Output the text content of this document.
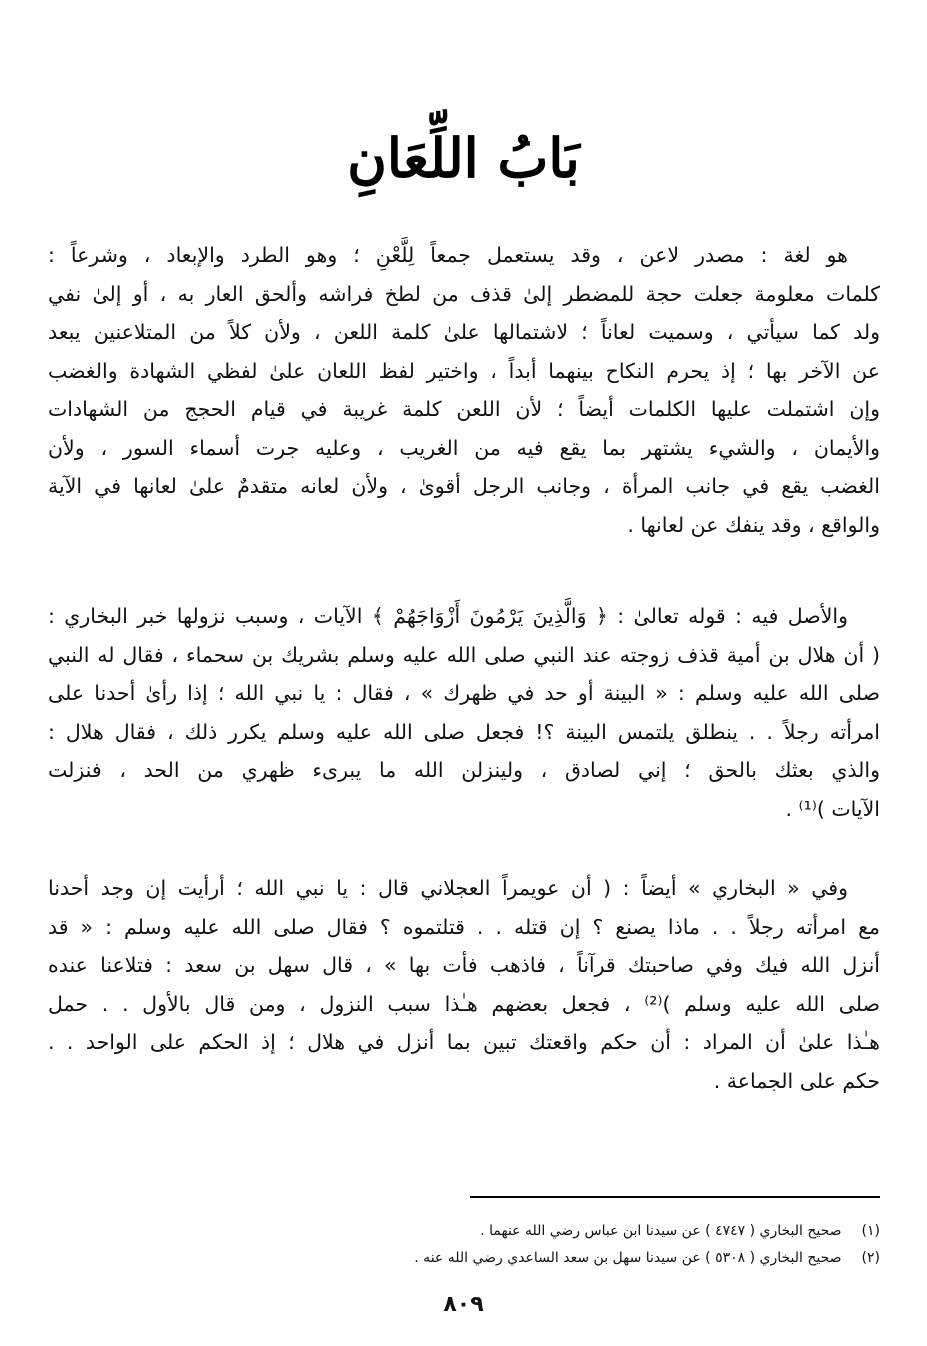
بَابُ اللِّعَانِ
هو لغة : مصدر لاعن ، وقد يستعمل جمعاً لِلَّعْنِ ؛ وهو الطرد والإبعاد ، وشرعاً :
كلمات معلومة جعلت حجة للمضطر إلىٰ قذف من لطخ فراشه وألحق العار به ، أو إلىٰ نفي
ولد كما سيأتي ، وسميت لعاناً ؛ لاشتمالها علىٰ كلمة اللعن ، ولأن كلاً من المتلاعنين يبعد
عن الآخر بها ؛ إذ يحرم النكاح بينهما أبداً ، واختير لفظ اللعان علىٰ لفظي الشهادة والغضب
وإن اشتملت عليها الكلمات أيضاً ؛ لأن اللعن كلمة غريبة في قيام الحجج من الشهادات
والأيمان ، والشيء يشتهر بما يقع فيه من الغريب ، وعليه جرت أسماء السور ، ولأن
الغضب يقع في جانب المرأة ، وجانب الرجل أقوىٰ ، ولأن لعانه متقدمٌ علىٰ لعانها في الآية
والواقع ، وقد ينفك عن لعانها .
والأصل فيه : قوله تعالىٰ : ﴿ وَالَّذِينَ يَرْمُونَ أَزْوَاجَهُمْ ﴾ الآيات ، وسبب نزولها خبر البخاري :
( أن هلال بن أمية قذف زوجته عند النبي صلى الله عليه وسلم بشريك بن سحماء ، فقال له النبي
صلى الله عليه وسلم : « البينة أو حد في ظهرك » ، فقال : يا نبي الله ؛ إذا رأىٰ أحدنا على
امرأته رجلاً . . ينطلق يلتمس البينة ؟! فجعل صلى الله عليه وسلم يكرر ذلك ، فقال هلال :
والذي بعثك بالحق ؛ إني لصادق ، ولينزلن الله ما يبرىء ظهري من الحد ، فنزلت
الآيات )⁽¹⁾ .
وفي « البخاري » أيضاً : ( أن عويمراً العجلاني قال : يا نبي الله ؛ أرأيت إن وجد أحدنا
مع امرأته رجلاً . . ماذا يصنع ؟ إن قتله . . قتلتموه ؟ فقال صلى الله عليه وسلم : « قد
أنزل الله فيك وفي صاحبتك قرآناً ، فاذهب فأت بها » ، قال سهل بن سعد : فتلاعنا عنده
صلى الله عليه وسلم )⁽²⁾ ، فجعل بعضهم هـٰذا سبب النزول ، ومن قال بالأول . . حمل
هـٰذا علىٰ أن المراد : أن حكم واقعتك تبين بما أنزل في هلال ؛ إذ الحكم على الواحد . .
حكم على الجماعة .
(١) صحيح البخاري ( ٤٧٤٧ ) عن سيدنا ابن عباس رضي الله عنهما .
(٢) صحيح البخاري ( ٥٣٠٨ ) عن سيدنا سهل بن سعد الساعدي رضي الله عنه .
٨٠٩
